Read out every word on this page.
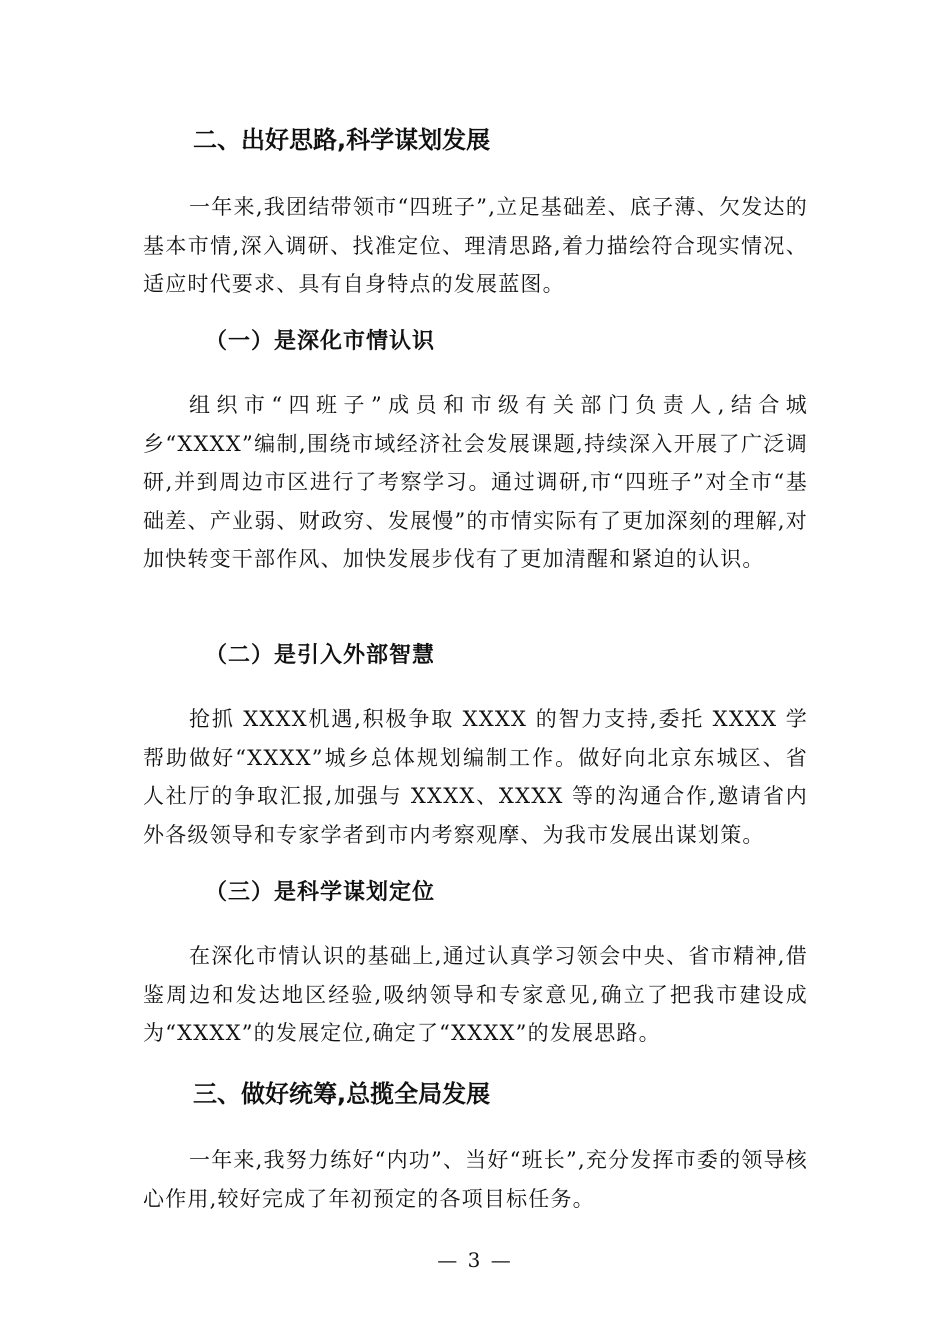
二、出好思路,科学谋划发展

一年来,我团结带领市“四班子”,立足基础差、底子薄、欠发达的基本市情,深入调研、找准定位、理清思路,着力描绘符合现实情况、适应时代要求、具有自身特点的发展蓝图。

（一）是深化市情认识

组织市“四班子”成员和市级有关部门负责人,结合城乡“XXXX”编制,围绕市域经济社会发展课题,持续深入开展了广泛调研,并到周边市区进行了考察学习。通过调研,市“四班子”对全市“基础差、产业弱、财政穷、发展慢”的市情实际有了更加深刻的理解,对加快转变干部作风、加快发展步伐有了更加清醒和紧迫的认识。

（二）是引入外部智慧

抢抓 XXXX机遇,积极争取 XXXX 的智力支持,委托 XXXX 学帮助做好“XXXX”城乡总体规划编制工作。做好向北京东城区、省人社厅的争取汇报,加强与 XXXX、XXXX 等的沟通合作,邀请省内外各级领导和专家学者到市内考察观摩、为我市发展出谋划策。

（三）是科学谋划定位

在深化市情认识的基础上,通过认真学习领会中央、省市精神,借鉴周边和发达地区经验,吸纳领导和专家意见,确立了把我市建设成为“XXXX”的发展定位,确定了“XXXX”的发展思路。

三、做好统筹,总揽全局发展

一年来,我努力练好“内功”、当好“班长”,充分发挥市委的领导核心作用,较好完成了年初预定的各项目标任务。

— 3 —
